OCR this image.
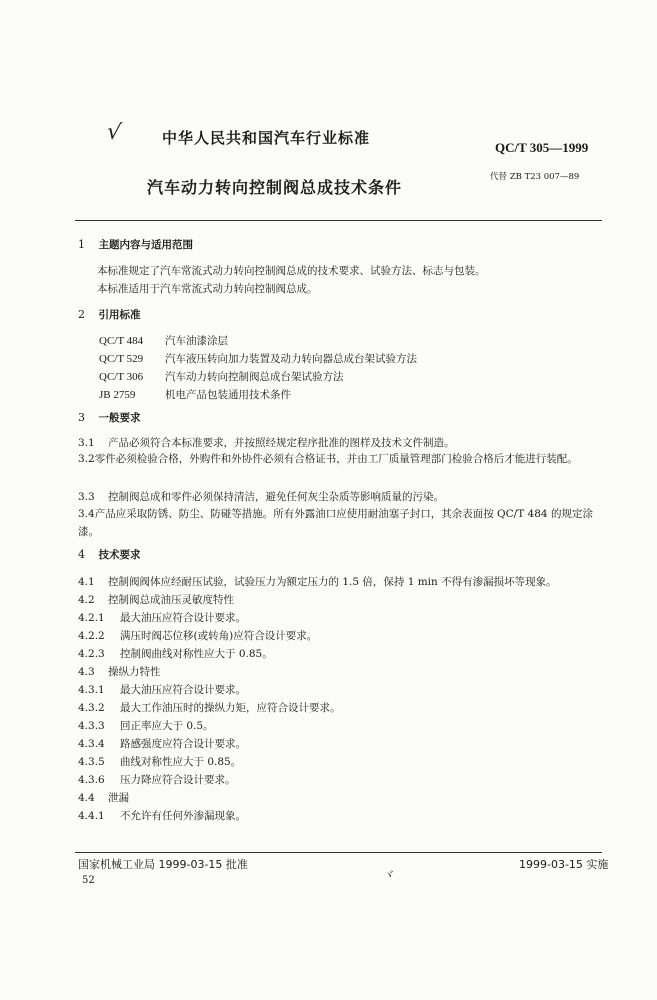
√	中华人民共和国汽车行业标准
QC/T 305—1999
汽车动力转向控制阀总成技术条件
代替 ZB T23 007—89
1 主题内容与适用范围
本标准规定了汽车常流式动力转向控制阀总成的技术要求、试验方法、标志与包装。
本标准适用于汽车常流式动力转向控制阀总成。
2 引用标准
QC/T 484 汽车油漆涂层
QC/T 529 汽车液压转向加力装置及动力转向器总成台架试验方法
QC/T 306 汽车动力转向控制阀总成台架试验方法
JB 2759	机电产品包装通用技术条件
3 一般要求
3.1 产品必须符合本标准要求，并按照经规定程序批准的图样及技术文件制造。
3.2零件必须检验合格，外购件和外协件必须有合格证书，并由工厂质量管理部门检验合格后才能进行装配。
3.3 控制阀总成和零件必须保持清洁，避免任何灰尘杂质等影响质量的污染。
3.4产品应采取防锈、防尘、防碰等措施。所有外露油口应使用耐油塞子封口，其余表面按 QC/T 484 的规定涂漆。
4 技术要求
4.1 控制阀阀体应经耐压试验，试验压力为额定压力的 1.5 倍，保持 1 min 不得有渗漏损坏等现象。
4.2 控制阀总成油压灵敏度特性
4.2.1 最大油压应符合设计要求。
4.2.2 满压时阀芯位移(或转角)应符合设计要求。
4.2.3 控制阀曲线对称性应大于 0.85。
4.3 操纵力特性
4.3.1 最大油压应符合设计要求。
4.3.2 最大工作油压时的操纵力矩，应符合设计要求。
4.3.3 回正率应大于 0.5。
4.3.4 路感强度应符合设计要求。
4.3.5 曲线对称性应大于 0.85。
4.3.6 压力降应符合设计要求。
4.4 泄漏
4.4.1 不允许有任何外渗漏现象。
国家机械工业局 1999-03-15 批准	1999-03-15 实施
52	ヾ
